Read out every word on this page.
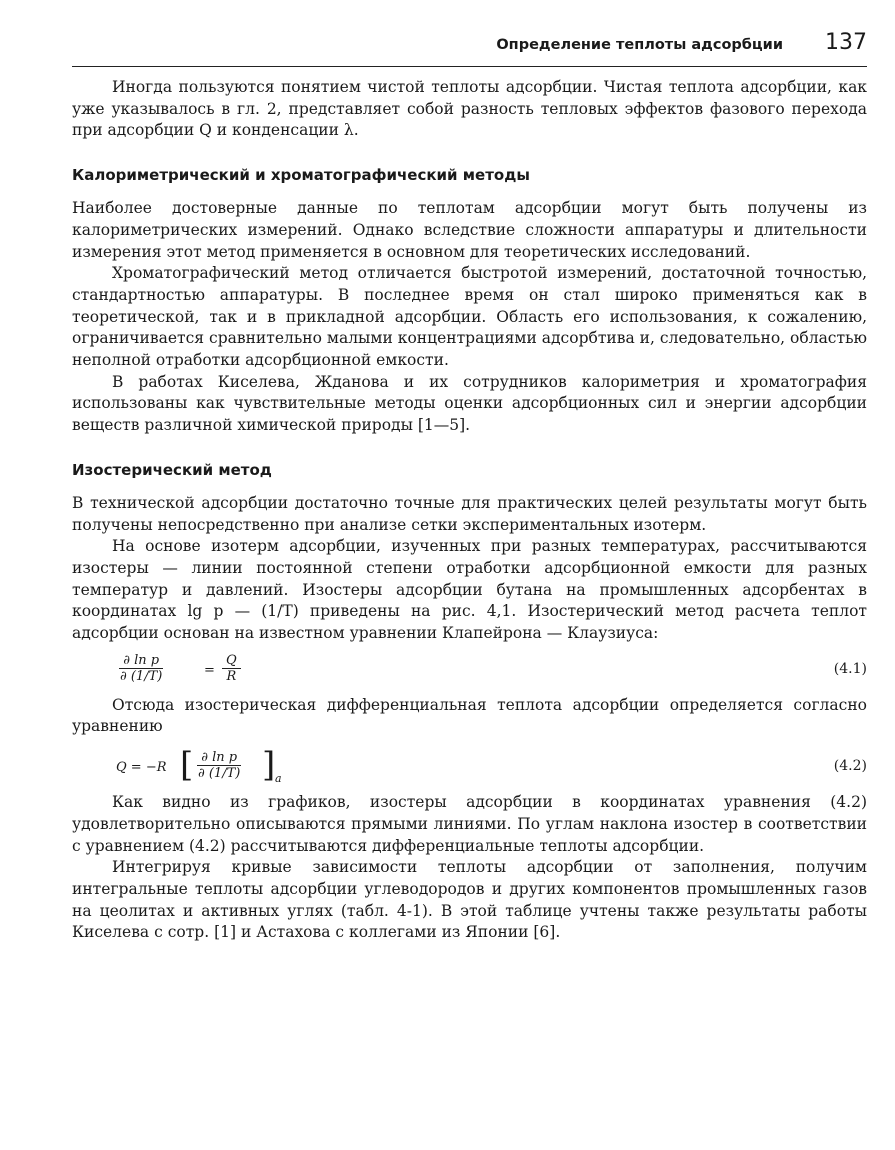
Определение теплоты адсорбции 137

Иногда пользуются понятием чистой теплоты адсорбции. Чистая теплота адсорбции, как уже указывалось в гл. 2, представляет собой разность тепловых эффектов фазового перехода при адсорбции Q и конденсации λ.

Калориметрический и хроматографический методы

Наиболее достоверные данные по теплотам адсорбции могут быть получены из калориметрических измерений. Однако вследствие сложности аппаратуры и длительности измерения этот метод применяется в основном для теоретических исследований.

Хроматографический метод отличается быстротой измерений, достаточной точностью, стандартностью аппаратуры. В последнее время он стал широко применяться как в теоретической, так и в прикладной адсорбции. Область его использования, к сожалению, ограничивается сравнительно малыми концентрациями адсорбтива и, следовательно, областью неполной отработки адсорбционной емкости.

В работах Киселева, Жданова и их сотрудников калориметрия и хроматография использованы как чувствительные методы оценки адсорбционных сил и энергии адсорбции веществ различной химической природы [1—5].

Изостерический метод

В технической адсорбции достаточно точные для практических целей результаты могут быть получены непосредственно при анализе сетки экспериментальных изотерм.

На основе изотерм адсорбции, изученных при разных температурах, рассчитываются изостеры — линии постоянной степени отработки адсорбционной емкости для разных температур и давлений. Изостеры адсорбции бутана на промышленных адсорбентах в координатах lg p — (1/T) приведены на рис. 4,1. Изостерический метод расчета теплот адсорбции основан на известном уравнении Клапейрона — Клаузиуса:

$\frac{\text{∂ ln p}}{\partial (1/T)}$	= $\frac{Q}{R}$	(4.1)

Отсюда изостерическая дифференциальная теплота адсорбции определяется согласно уравнению

Q = −R [ $\frac{\text{∂ ln p}}{\partial (1/T)}$ ] a
(4.2)

Как видно из графиков, изостеры адсорбции в координатах уравнения (4.2) удовлетворительно описываются прямыми линиями. По углам наклона изостер в соответствии с уравнением (4.2) рассчитываются дифференциальные теплоты адсорбции.

Интегрируя кривые зависимости теплоты адсорбции от заполнения, получим интегральные теплоты адсорбции углеводородов и других компонентов промышленных газов на цеолитах и активных углях (табл. 4-1). В этой таблице учтены также результаты работы Киселева с сотр. [1] и Астахова с коллегами из Японии [6].
